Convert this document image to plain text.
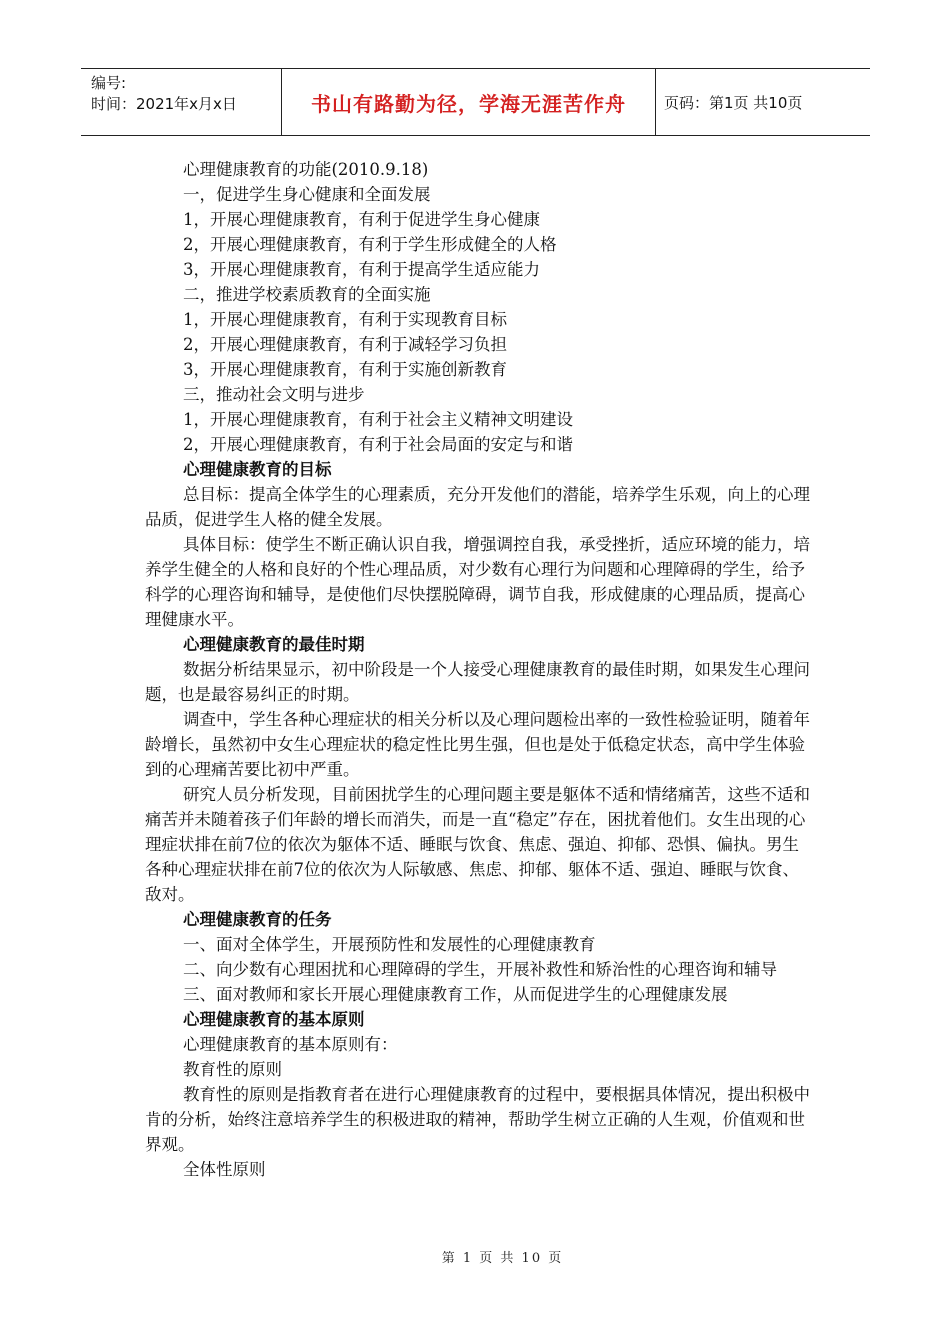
编号:
时间：2021年x月x日	书山有路勤为径，学海无涯苦作舟	页码：第1页 共10页

心理健康教育的功能(2010.9.18)

一，促进学生身心健康和全面发展

1，开展心理健康教育，有利于促进学生身心健康

2，开展心理健康教育，有利于学生形成健全的人格

3，开展心理健康教育，有利于提高学生适应能力

二，推进学校素质教育的全面实施

1，开展心理健康教育，有利于实现教育目标

2，开展心理健康教育，有利于减轻学习负担

3，开展心理健康教育，有利于实施创新教育

三，推动社会文明与进步

1，开展心理健康教育，有利于社会主义精神文明建设

2，开展心理健康教育，有利于社会局面的安定与和谐

心理健康教育的目标

总目标：提高全体学生的心理素质，充分开发他们的潜能，培养学生乐观，向上的心理品质，促进学生人格的健全发展。

具体目标：使学生不断正确认识自我，增强调控自我，承受挫折，适应环境的能力，培养学生健全的人格和良好的个性心理品质，对少数有心理行为问题和心理障碍的学生，给予科学的心理咨询和辅导，是使他们尽快摆脱障碍，调节自我，形成健康的心理品质，提高心理健康水平。

心理健康教育的最佳时期

数据分析结果显示，初中阶段是一个人接受心理健康教育的最佳时期，如果发生心理问题，也是最容易纠正的时期。

调查中，学生各种心理症状的相关分析以及心理问题检出率的一致性检验证明，随着年龄增长，虽然初中女生心理症状的稳定性比男生强，但也是处于低稳定状态，高中学生体验到的心理痛苦要比初中严重。

研究人员分析发现，目前困扰学生的心理问题主要是躯体不适和情绪痛苦，这些不适和痛苦并未随着孩子们年龄的增长而消失，而是一直“稳定”存在，困扰着他们。女生出现的心理症状排在前7位的依次为躯体不适、睡眠与饮食、焦虑、强迫、抑郁、恐惧、偏执。男生各种心理症状排在前7位的依次为人际敏感、焦虑、抑郁、躯体不适、强迫、睡眠与饮食、敌对。

心理健康教育的任务

一、面对全体学生，开展预防性和发展性的心理健康教育

二、向少数有心理困扰和心理障碍的学生，开展补救性和矫治性的心理咨询和辅导

三、面对教师和家长开展心理健康教育工作，从而促进学生的心理健康发展

心理健康教育的基本原则

心理健康教育的基本原则有：

教育性的原则

教育性的原则是指教育者在进行心理健康教育的过程中，要根据具体情况，提出积极中肯的分析，始终注意培养学生的积极进取的精神，帮助学生树立正确的人生观，价值观和世界观。

全体性原则

第 1 页 共 10 页
